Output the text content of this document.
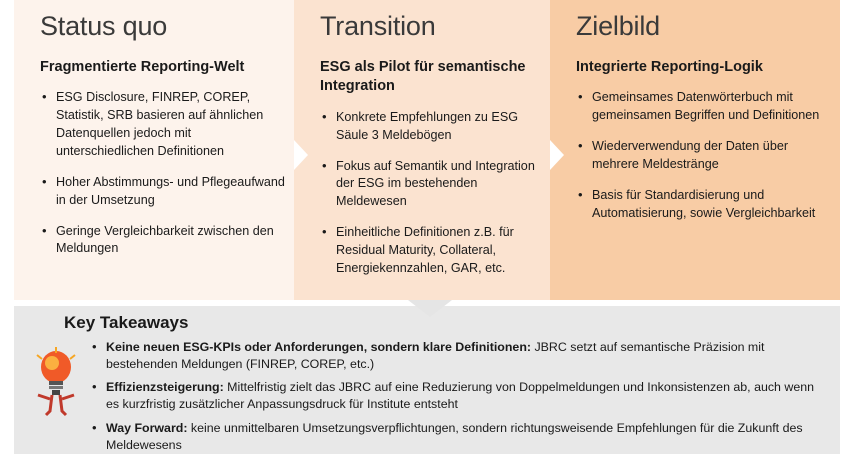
Status quo
Fragmentierte Reporting-Welt
• ESG Disclosure, FINREP, COREP, Statistik, SRB basieren auf ähnlichen Datenquellen jedoch mit unterschiedlichen Definitionen
• Hoher Abstimmungs- und Pflegeaufwand in der Umsetzung
• Geringe Vergleichbarkeit zwischen den Meldungen
Transition
ESG als Pilot für semantische Integration
• Konkrete Empfehlungen zu ESG Säule 3 Meldebögen
• Fokus auf Semantik und Integration der ESG im bestehenden Meldewesen
• Einheitliche Definitionen z.B. für Residual Maturity, Collateral, Energiekennzahlen, GAR, etc.
Zielbild
Integrierte Reporting-Logik
• Gemeinsames Datenwörterbuch mit gemeinsamen Begriffen und Definitionen
• Wiederverwendung der Daten über mehrere Meldestränge
• Basis für Standardisierung und Automatisierung, sowie Vergleichbarkeit
Key Takeaways
• Keine neuen ESG-KPIs oder Anforderungen, sondern klare Definitionen: JBRC setzt auf semantische Präzision mit bestehenden Meldungen (FINREP, COREP, etc.)
• Effizienzsteigerung: Mittelfristig zielt das JBRC auf eine Reduzierung von Doppelmeldungen und Inkonsistenzen ab, auch wenn es kurzfristig zusätzlicher Anpassungsdruck für Institute entsteht
• Way Forward: keine unmittelbaren Umsetzungsverpflichtungen, sondern richtungsweisende Empfehlungen für die Zukunft des Meldewesens
